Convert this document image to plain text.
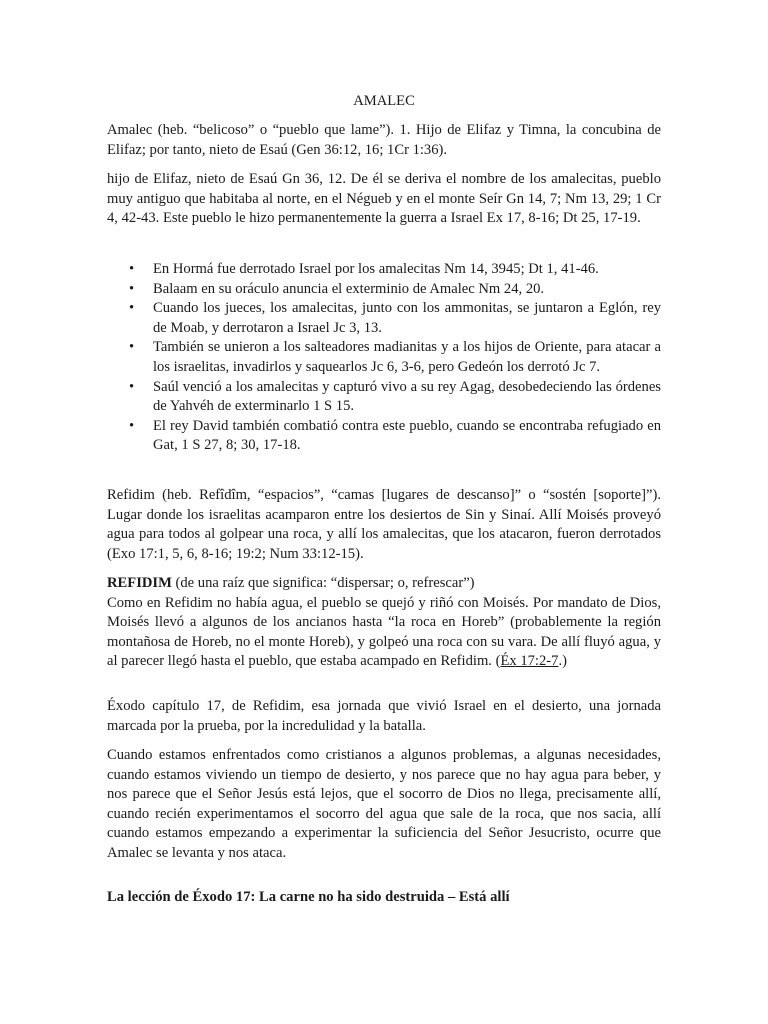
AMALEC

Amalec (heb. “belicoso” o “pueblo que lame”). 1. Hijo de Elifaz y Timna, la concubina de Elifaz; por tanto, nieto de Esaú (Gen 36:12, 16; 1Cr 1:36).

hijo de Elifaz, nieto de Esaú Gn 36, 12. De él se deriva el nombre de los amalecitas, pueblo muy antiguo que habitaba al norte, en el Négueb y en el monte Seír Gn 14, 7; Nm 13, 29; 1 Cr 4, 42-43. Este pueblo le hizo permanentemente la guerra a Israel Ex 17, 8-16; Dt 25, 17-19.

• En Hormá fue derrotado Israel por los amalecitas Nm 14, 3945; Dt 1, 41-46.
• Balaam en su oráculo anuncia el exterminio de Amalec Nm 24, 20.
• Cuando los jueces, los amalecitas, junto con los ammonitas, se juntaron a Eglón, rey de Moab, y derrotaron a Israel Jc 3, 13.
• También se unieron a los salteadores madianitas y a los hijos de Oriente, para atacar a los israelitas, invadirlos y saquearlos Jc 6, 3-6, pero Gedeón los derrotó Jc 7.
• Saúl venció a los amalecitas y capturó vivo a su rey Agag, desobedeciendo las órdenes de Yahvéh de exterminarlo 1 S 15.
• El rey David también combatió contra este pueblo, cuando se encontraba refugiado en Gat, 1 S 27, 8; 30, 17-18.

Refidim (heb. Refîdîm, “espacios”, “camas [lugares de descanso]” o “sostén [soporte]”). Lugar donde los israelitas acamparon entre los desiertos de Sin y Sinaí. Allí Moisés proveyó agua para todos al golpear una roca, y allí los amalecitas, que los atacaron, fueron derrotados (Exo 17:1, 5, 6, 8-16; 19:2; Num 33:12-15).

REFIDIM (de una raíz que significa: “dispersar; o, refrescar”)
Como en Refidim no había agua, el pueblo se quejó y riñó con Moisés. Por mandato de Dios, Moisés llevó a algunos de los ancianos hasta “la roca en Horeb” (probablemente la región montañosa de Horeb, no el monte Horeb), y golpeó una roca con su vara. De allí fluyó agua, y al parecer llegó hasta el pueblo, que estaba acampado en Refidim. (Éx 17:2-7.)

Éxodo capítulo 17, de Refidim, esa jornada que vivió Israel en el desierto, una jornada marcada por la prueba, por la incredulidad y la batalla.

Cuando estamos enfrentados como cristianos a algunos problemas, a algunas necesidades, cuando estamos viviendo un tiempo de desierto, y nos parece que no hay agua para beber, y nos parece que el Señor Jesús está lejos, que el socorro de Dios no llega, precisamente allí, cuando recién experimentamos el socorro del agua que sale de la roca, que nos sacia, allí cuando estamos empezando a experimentar la suficiencia del Señor Jesucristo, ocurre que Amalec se levanta y nos ataca.

La lección de Éxodo 17: La carne no ha sido destruida – Está allí
